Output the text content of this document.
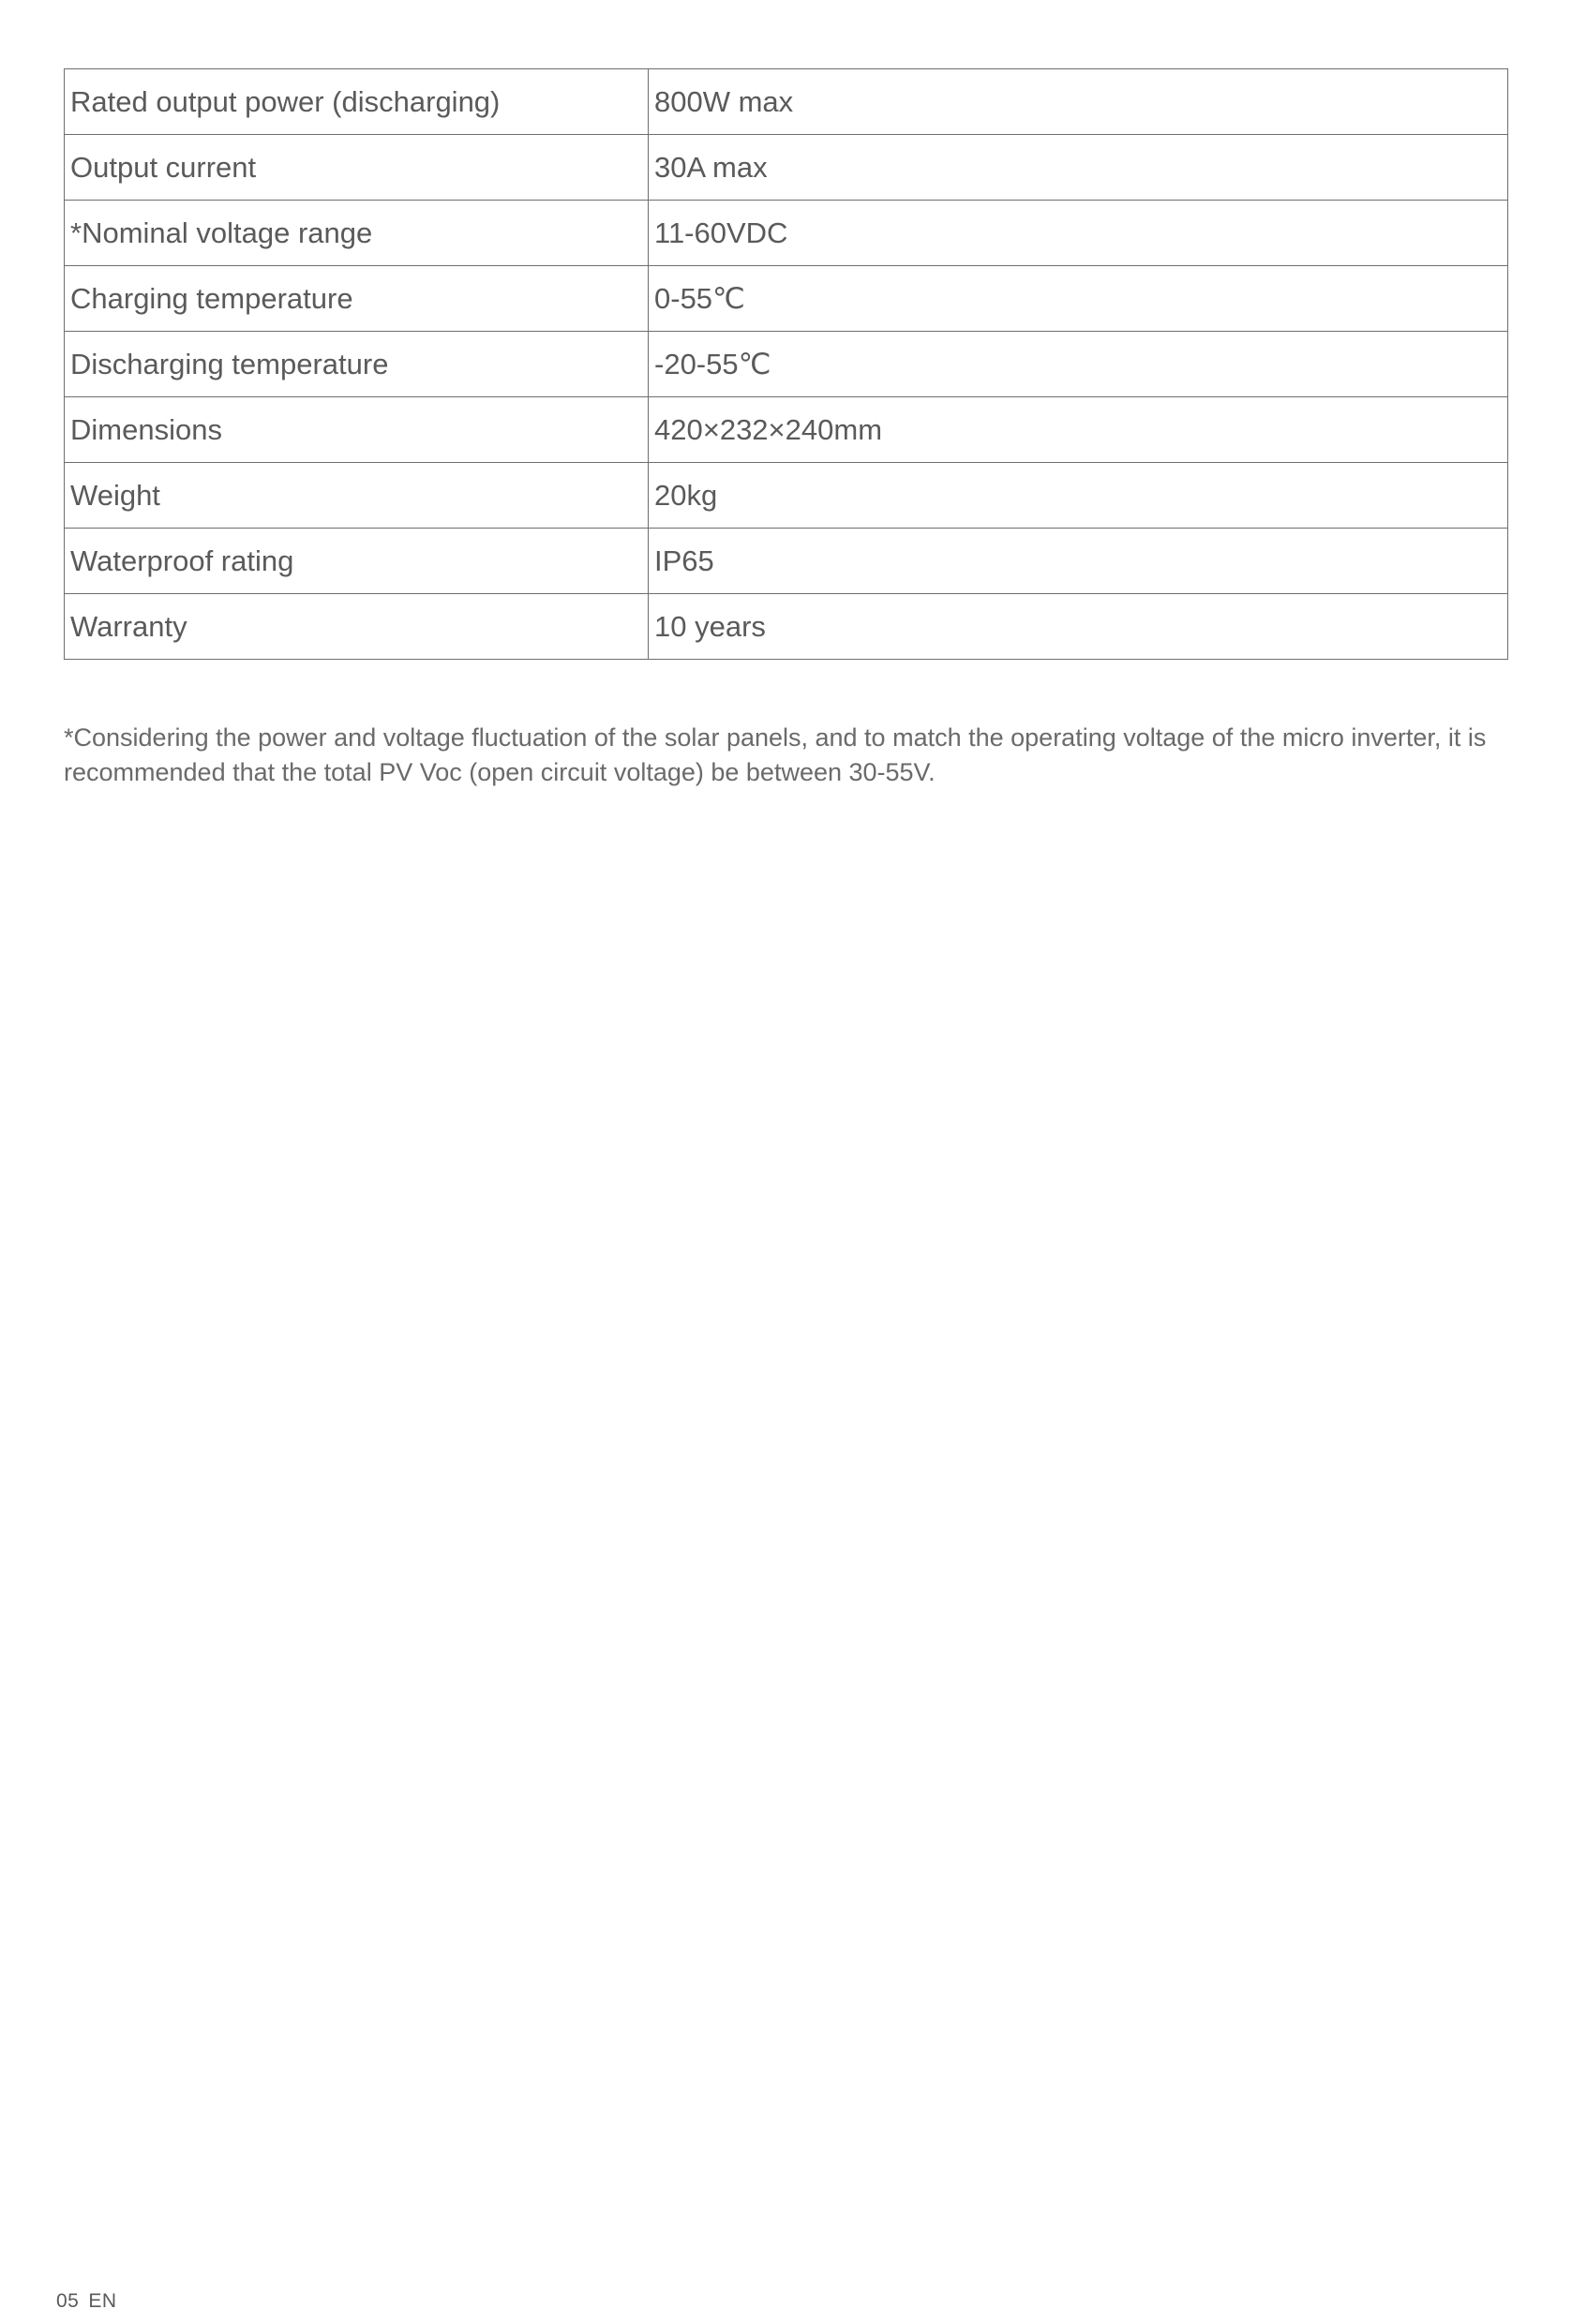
Rated output power (discharging)	800W max
Output current	30A max
*Nominal voltage range	11-60VDC
Charging temperature	0-55℃
Discharging temperature	-20-55℃
Dimensions	420×232×240mm
Weight	20kg
Waterproof rating	IP65
Warranty	10 years

*Considering the power and voltage fluctuation of the solar panels, and to match the operating voltage of the micro inverter, it is recommended that the total PV Voc (open circuit voltage) be between 30-55V.

05 EN
